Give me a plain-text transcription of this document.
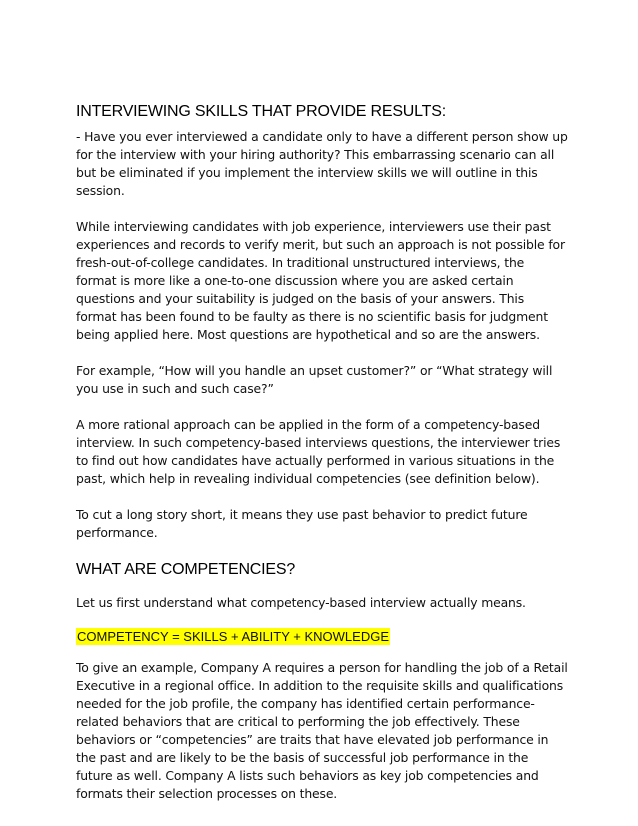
INTERVIEWING SKILLS THAT PROVIDE RESULTS:

- Have you ever interviewed a candidate only to have a different person show up for the interview with your hiring authority? This embarrassing scenario can all but be eliminated if you implement the interview skills we will outline in this session.

While interviewing candidates with job experience, interviewers use their past experiences and records to verify merit, but such an approach is not possible for fresh-out-of-college candidates. In traditional unstructured interviews, the format is more like a one-to-one discussion where you are asked certain questions and your suitability is judged on the basis of your answers. This format has been found to be faulty as there is no scientific basis for judgment being applied here. Most questions are hypothetical and so are the answers.

For example, “How will you handle an upset customer?” or “What strategy will you use in such and such case?”

A more rational approach can be applied in the form of a competency-based interview. In such competency-based interviews questions, the interviewer tries to find out how candidates have actually performed in various situations in the past, which help in revealing individual competencies (see definition below).

To cut a long story short, it means they use past behavior to predict future performance.

WHAT ARE COMPETENCIES?

Let us first understand what competency-based interview actually means.

COMPETENCY = SKILLS + ABILITY + KNOWLEDGE

To give an example, Company A requires a person for handling the job of a Retail Executive in a regional office. In addition to the requisite skills and qualifications needed for the job profile, the company has identified certain performance-related behaviors that are critical to performing the job effectively. These behaviors or “competencies” are traits that have elevated job performance in the past and are likely to be the basis of successful job performance in the future as well. Company A lists such behaviors as key job competencies and formats their selection processes on these.
